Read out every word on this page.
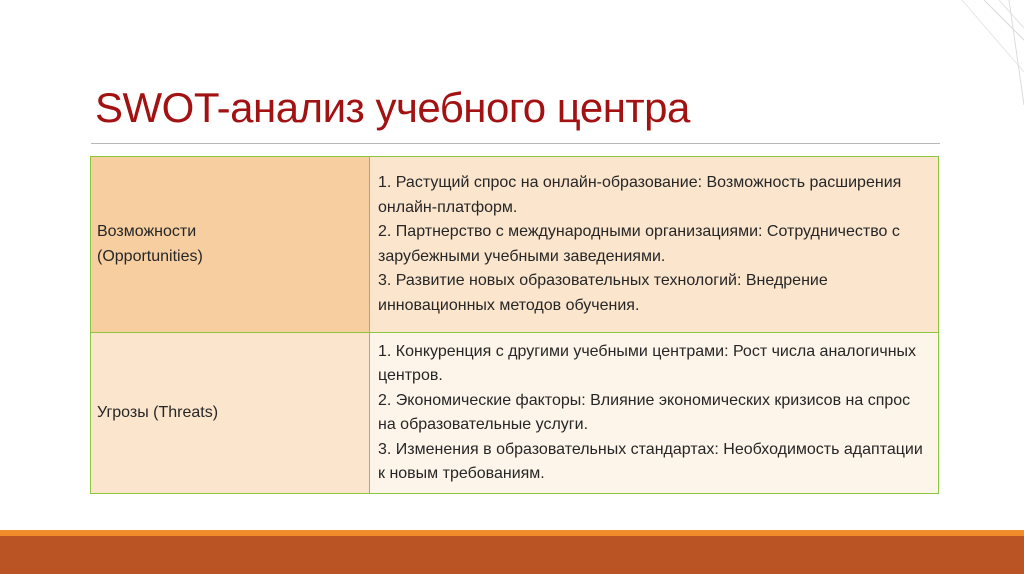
SWOT-анализ учебного центра
Возможности
(Opportunities)	1. Растущий спрос на онлайн-образование: Возможность расширения онлайн-платформ.
2. Партнерство с международными организациями: Сотрудничество с зарубежными учебными заведениями.
3. Развитие новых образовательных технологий: Внедрение инновационных методов обучения.

Угрозы (Threats)	1. Конкуренция с другими учебными центрами: Рост числа аналогичных центров.
2. Экономические факторы: Влияние экономических кризисов на спрос на образовательные услуги.
3. Изменения в образовательных стандартах: Необходимость адаптации к новым требованиям.
